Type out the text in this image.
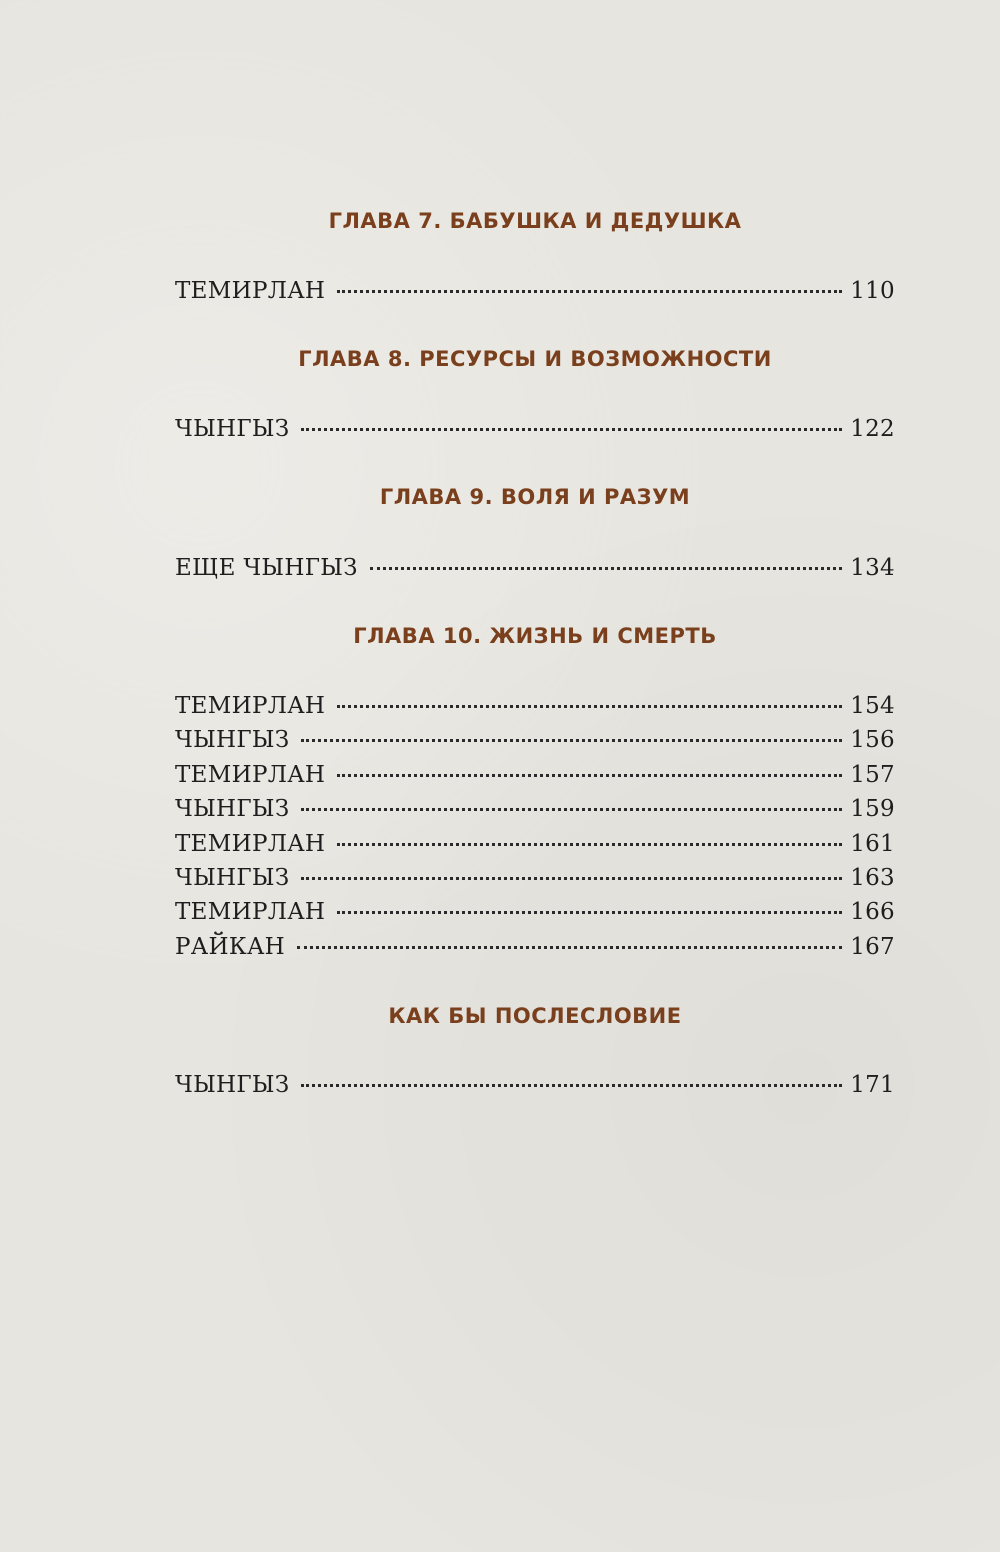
ГЛАВА 7. БАБУШКА И ДЕДУШКА
ТЕМИРЛАН	110
ГЛАВА 8. РЕСУРСЫ И ВОЗМОЖНОСТИ
ЧЫНГЫЗ	122
ГЛАВА 9. ВОЛЯ И РАЗУМ
ЕЩЕ ЧЫНГЫЗ	134
ГЛАВА 10. ЖИЗНЬ И СМЕРТЬ
ТЕМИРЛАН	154
ЧЫНГЫЗ	156
ТЕМИРЛАН	157
ЧЫНГЫЗ	159
ТЕМИРЛАН	161
ЧЫНГЫЗ	163
ТЕМИРЛАН	166
РАЙКАН	167
КАК БЫ ПОСЛЕСЛОВИЕ
ЧЫНГЫЗ	171
